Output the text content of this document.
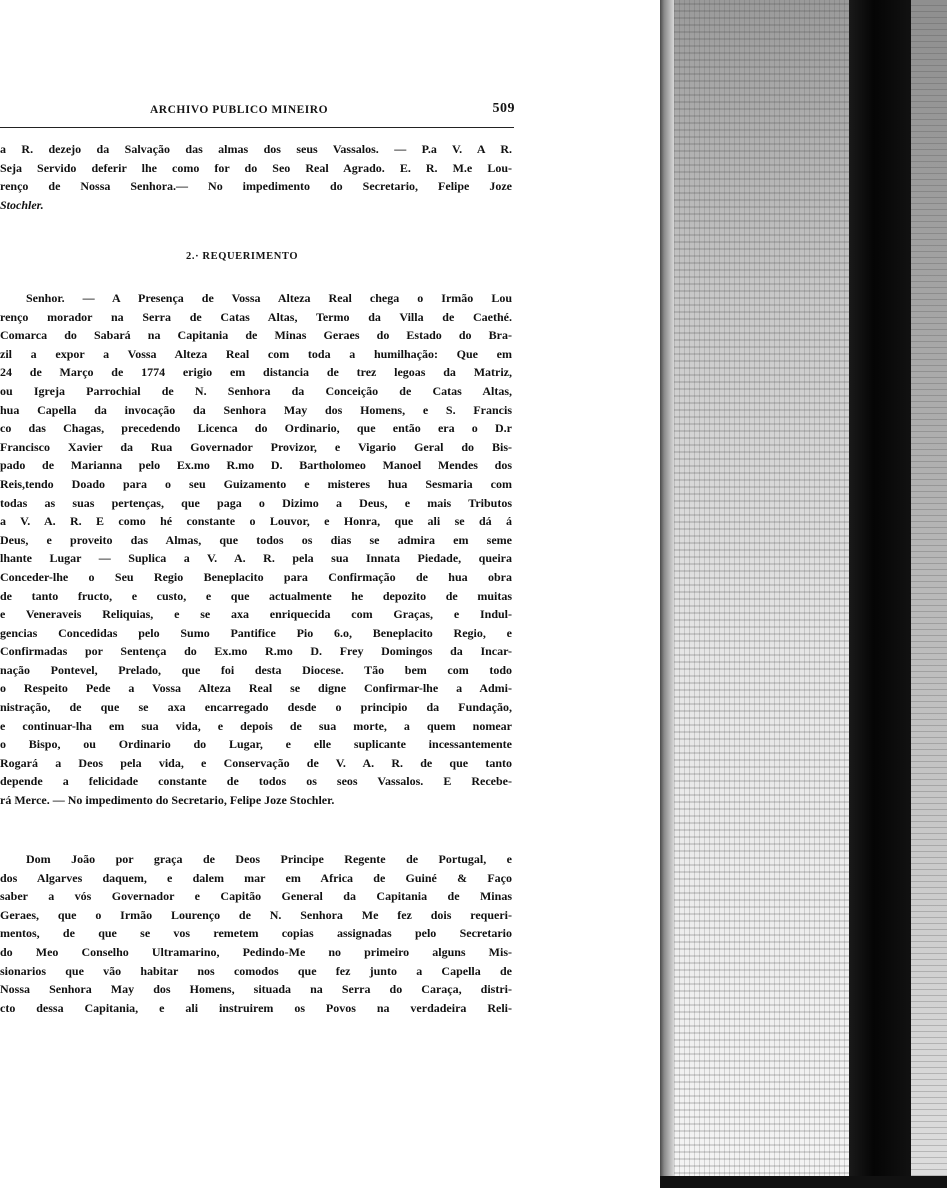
ARCHIVO PUBLICO MINEIRO	509
a R. dezejo da Salvação das almas dos seus Vassalos. — P.a V. A R.
Seja Servido deferir lhe como for do Seo Real Agrado. E. R. M.e Lou-
renço de Nossa Senhora.— No impedimento do Secretario, Felipe Joze
Stochler.
2.· REQUERIMENTO
Senhor. — A Presença de Vossa Alteza Real chega o Irmão Lou
renço morador na Serra de Catas Altas, Termo da Villa de Caethé.
Comarca do Sabará na Capitania de Minas Geraes do Estado do Bra-
zil a expor a Vossa Alteza Real com toda a humilhação: Que em
24 de Março de 1774 erigio em distancia de trez legoas da Matriz,
ou Igreja Parrochial de N. Senhora da Conceição de Catas Altas,
hua Capella da invocação da Senhora May dos Homens, e S. Francis
co das Chagas, precedendo Licenca do Ordinario, que então era o D.r
Francisco Xavier da Rua Governador Provizor, e Vigario Geral do Bis-
pado de Marianna pelo Ex.mo R.mo D. Bartholomeo Manoel Mendes dos
Reis,tendo Doado para o seu Guizamento e misteres hua Sesmaria com
todas as suas pertenças, que paga o Dizimo a Deus, e mais Tributos
a V. A. R. E como hé constante o Louvor, e Honra, que ali se dá á
Deus, e proveito das Almas, que todos os dias se admira em seme
lhante Lugar — Suplica a V. A. R. pela sua Innata Piedade, queira
Conceder-lhe o Seu Regio Beneplacito para Confirmação de hua obra
de tanto fructo, e custo, e que actualmente he depozito de muitas
e Veneraveis Reliquias, e se axa enriquecida com Graças, e Indul-
gencias Concedidas pelo Sumo Pantifice Pio 6.o, Beneplacito Regio, e
Confirmadas por Sentença do Ex.mo R.mo D. Frey Domingos da Incar-
nação Pontevel, Prelado, que foi desta Diocese. Tão bem com todo
o Respeito Pede a Vossa Alteza Real se digne Confirmar-lhe a Admi-
nistração, de que se axa encarregado desde o principio da Fundação,
e continuar-lha em sua vida, e depois de sua morte, a quem nomear
o Bispo, ou Ordinario do Lugar, e elle suplicante incessantemente
Rogará a Deos pela vida, e Conservação de V. A. R. de que tanto
depende a felicidade constante de todos os seos Vassalos. E Recebe-
rá Merce. — No impedimento do Secretario, Felipe Joze Stochler.
Dom João por graça de Deos Principe Regente de Portugal, e
dos Algarves daquem, e dalem mar em Africa de Guiné & Faço
saber a vós Governador e Capitão General da Capitania de Minas
Geraes, que o Irmão Lourenço de N. Senhora Me fez dois requeri-
mentos, de que se vos remetem copias assignadas pelo Secretario
do Meo Conselho Ultramarino, Pedindo-Me no primeiro alguns Mis-
sionarios que vão habitar nos comodos que fez junto a Capella de
Nossa Senhora May dos Homens, situada na Serra do Caraça, distri-
cto dessa Capitania, e ali instruirem os Povos na verdadeira Reli-
